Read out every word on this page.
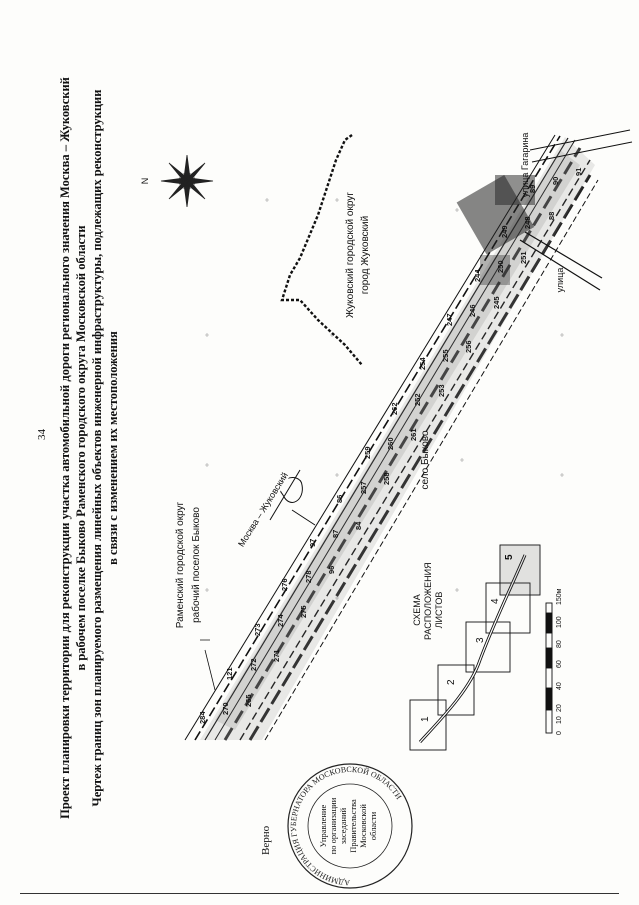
34 Проект планировки территории для реконструкции участка автомобильной дороги регионального значения Москва – Жуковский в рабочем поселке Быково Раменского городского округа Московской области Чертеж границ зон планируемого размещения линейных объектов инженерной инфраструктуры, подлежащих реконструкции в связи с изменением их местоположения
Раменский городской округ рабочий поселок Быково
Жуковский городской округ город Жуковский
село Быково
улица Гагарина
улица
N
Москва – Жуковский
284
270
265
121
272
271
273
274
275
276
278
96
97
87
84
86
257
258
259
260
261
262
252
253
254
255
256
247
246
245
244
250
251
249
248
88
89
90
91
СХЕМА РАСПОЛОЖЕНИЯ ЛИСТОВ
1
2
3
4
5
0
10
20
40
60
80
100
150м
Управление по организации заседаний Правительства Московской области
АДМИНИСТРАЦИЯ ГУБЕРНАТОРА МОСКОВСКОЙ ОБЛАСТИ
Верно
